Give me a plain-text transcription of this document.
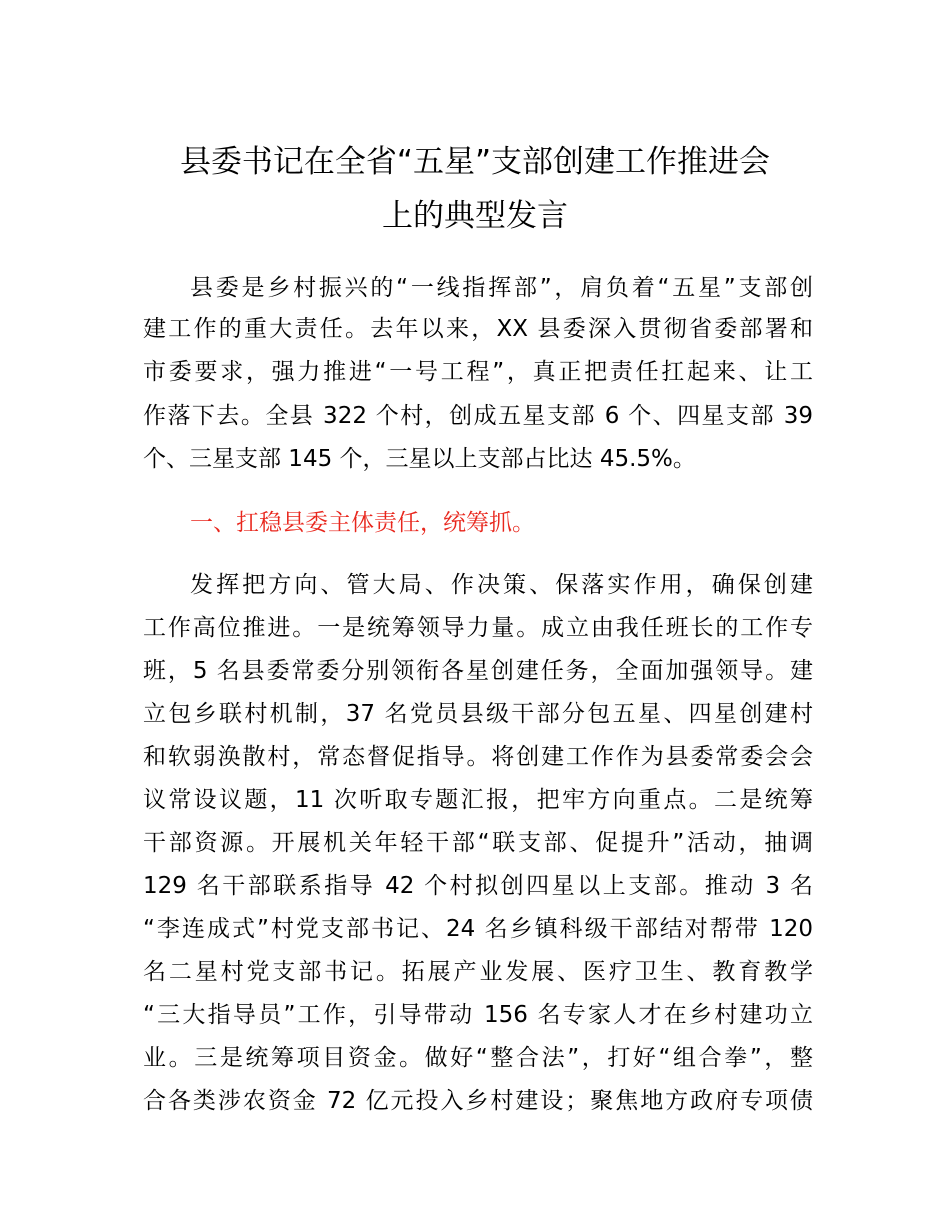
县委书记在全省“五星”支部创建工作推进会
上的典型发言
县委是乡村振兴的“一线指挥部”，肩负着“五星”支部创
建工作的重大责任。去年以来，XX 县委深入贯彻省委部署和
市委要求，强力推进“一号工程”，真正把责任扛起来、让工
作落下去。全县 322 个村，创成五星支部 6 个、四星支部 39
个、三星支部 145 个，三星以上支部占比达 45.5%。
一、扛稳县委主体责任，统筹抓。
发挥把方向、管大局、作决策、保落实作用，确保创建
工作高位推进。一是统筹领导力量。成立由我任班长的工作专
班，5 名县委常委分别领衔各星创建任务，全面加强领导。建
立包乡联村机制，37 名党员县级干部分包五星、四星创建村
和软弱涣散村，常态督促指导。将创建工作作为县委常委会会
议常设议题，11 次听取专题汇报，把牢方向重点。二是统筹
干部资源。开展机关年轻干部“联支部、促提升”活动，抽调
129 名干部联系指导 42 个村拟创四星以上支部。推动 3 名
“李连成式”村党支部书记、24 名乡镇科级干部结对帮带 120
名二星村党支部书记。拓展产业发展、医疗卫生、教育教学
“三大指导员”工作，引导带动 156 名专家人才在乡村建功立
业。三是统筹项目资金。做好“整合法”，打好“组合拳”，整
合各类涉农资金 72 亿元投入乡村建设；聚焦地方政府专项债
